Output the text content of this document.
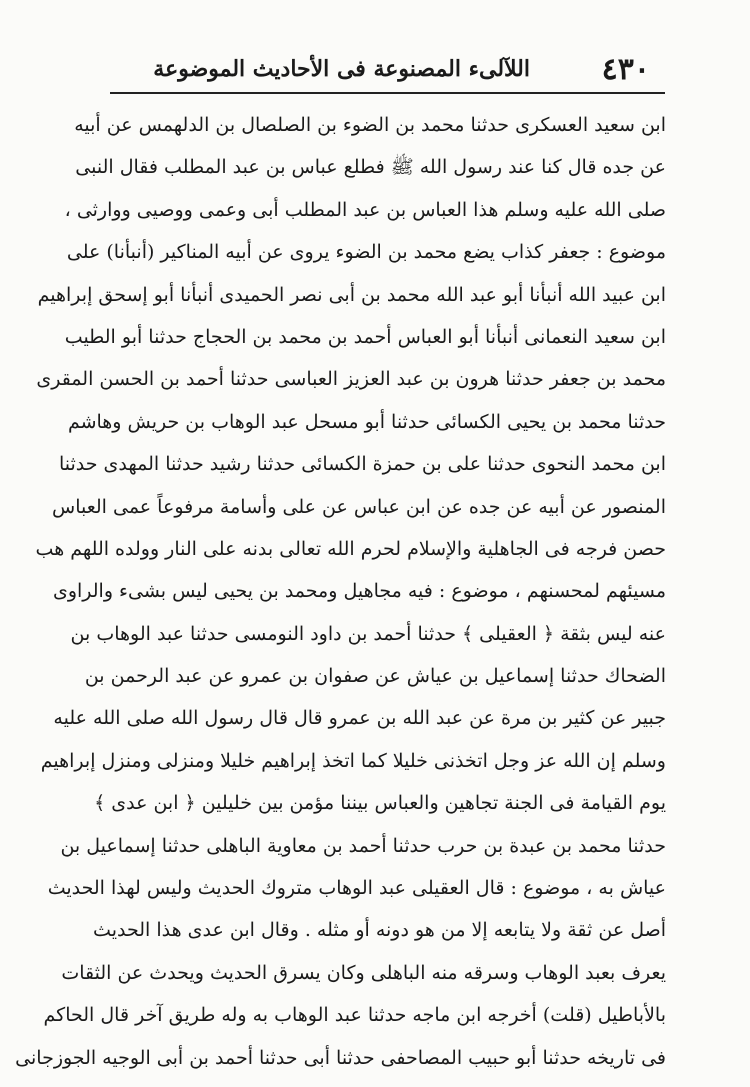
٤٣٠
اللآلىء المصنوعة فى الأحاديث الموضوعة
ابن سعيد العسكرى حدثنا محمد بن الضوء بن الصلصال بن الدلهمس عن أبيه
عن جده قال كنا عند رسول الله ﷺ فطلع عباس بن عبد المطلب فقال النبى
صلى الله عليه وسلم هذا العباس بن عبد المطلب أبى وعمى ووصيى ووارثى ،
موضوع : جعفر كذاب يضع محمد بن الضوء يروى عن أبيه المناكير (أنبأنا) على
ابن عبيد الله أنبأنا أبو عبد الله محمد بن أبى نصر الحميدى أنبأنا أبو إسحق إبراهيم
ابن سعيد النعمانى أنبأنا أبو العباس أحمد بن محمد بن الحجاج حدثنا أبو الطيب
محمد بن جعفر حدثنا هرون بن عبد العزيز العباسى حدثنا أحمد بن الحسن المقرى
حدثنا محمد بن يحيى الكسائى حدثنا أبو مسحل عبد الوهاب بن حريش وهاشم
ابن محمد النحوى حدثنا على بن حمزة الكسائى حدثنا رشيد حدثنا المهدى حدثنا
المنصور عن أبيه عن جده عن ابن عباس عن على وأسامة مرفوعاً عمى العباس
حصن فرجه فى الجاهلية والإسلام لحرم الله تعالى بدنه على النار وولده اللهم هب
مسيئهم لمحسنهم ، موضوع : فيه مجاهيل ومحمد بن يحيى ليس بشىء والراوى
عنه ليس بثقة ﴿ العقيلى ﴾ حدثنا أحمد بن داود النومسى حدثنا عبد الوهاب بن
الضحاك حدثنا إسماعيل بن عياش عن صفوان بن عمرو عن عبد الرحمن بن
جبير عن كثير بن مرة عن عبد الله بن عمرو قال قال رسول الله صلى الله عليه
وسلم إن الله عز وجل اتخذنى خليلا كما اتخذ إبراهيم خليلا ومنزلى ومنزل إبراهيم
يوم القيامة فى الجنة تجاهين والعباس بيننا مؤمن بين خليلين ﴿ ابن عدى ﴾
حدثنا محمد بن عبدة بن حرب حدثنا أحمد بن معاوية الباهلى حدثنا إسماعيل بن
عياش به ، موضوع : قال العقيلى عبد الوهاب متروك الحديث وليس لهذا الحديث
أصل عن ثقة ولا يتابعه إلا من هو دونه أو مثله . وقال ابن عدى هذا الحديث
يعرف بعبد الوهاب وسرقه منه الباهلى وكان يسرق الحديث ويحدث عن الثقات
بالأباطيل (قلت) أخرجه ابن ماجه حدثنا عبد الوهاب به وله طريق آخر قال الحاكم
فى تاريخه حدثنا أبو حبيب المصاحفى حدثنا أبى حدثنا أحمد بن أبى الوجيه الجوزجانى
